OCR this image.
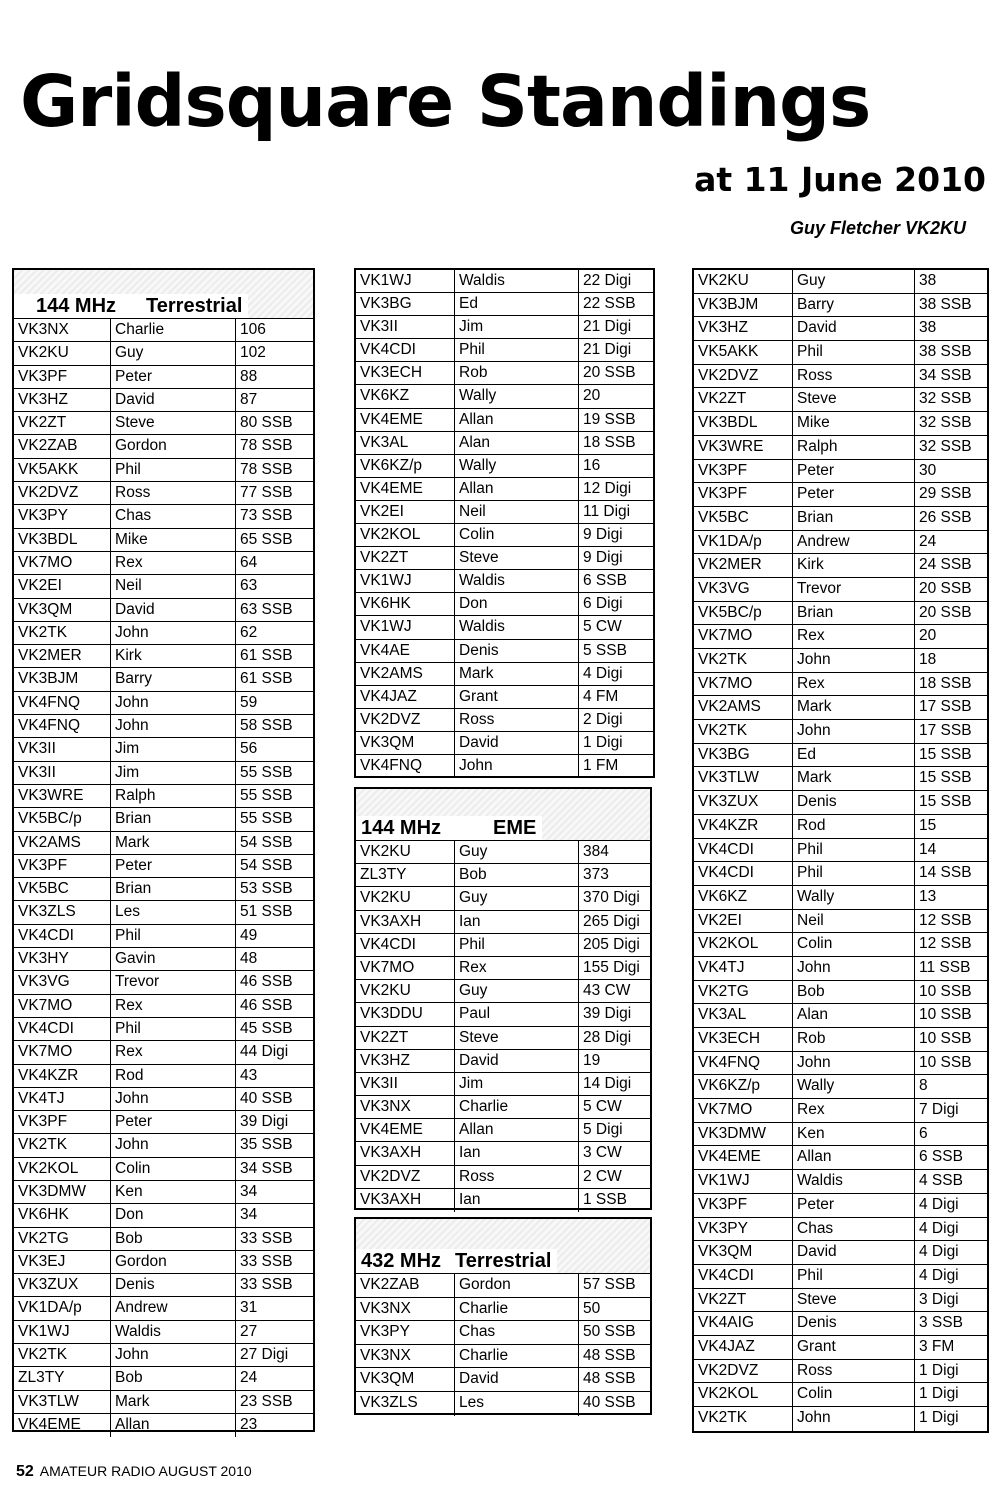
Gridsquare Standings
at 11 June 2010

Guy Fletcher VK2KU

144 MHz Terrestrial
VK3NX	Charlie	106
VK2KU	Guy	102
VK3PF	Peter	88
VK3HZ	David	87
VK2ZT	Steve	80 SSB
VK2ZAB	Gordon	78 SSB
VK5AKK	Phil	78 SSB
VK2DVZ	Ross	77 SSB
VK3PY	Chas	73 SSB
VK3BDL	Mike	65 SSB
VK7MO	Rex	64
VK2EI	Neil	63
VK3QM	David	63 SSB
VK2TK	John	62
VK2MER	Kirk	61 SSB
VK3BJM	Barry	61 SSB
VK4FNQ	John	59
VK4FNQ	John	58 SSB
VK3II	Jim	56
VK3II	Jim	55 SSB
VK3WRE	Ralph	55 SSB
VK5BC/p	Brian	55 SSB
VK2AMS	Mark	54 SSB
VK3PF	Peter	54 SSB
VK5BC	Brian	53 SSB
VK3ZLS	Les	51 SSB
VK4CDI	Phil	49
VK3HY	Gavin	48
VK3VG	Trevor	46 SSB
VK7MO	Rex	46 SSB
VK4CDI	Phil	45 SSB
VK7MO	Rex	44 Digi
VK4KZR	Rod	43
VK4TJ	John	40 SSB
VK3PF	Peter	39 Digi
VK2TK	John	35 SSB
VK2KOL	Colin	34 SSB
VK3DMW	Ken	34
VK6HK	Don	34
VK2TG	Bob	33 SSB
VK3EJ	Gordon	33 SSB
VK3ZUX	Denis	33 SSB
VK1DA/p	Andrew	31
VK1WJ	Waldis	27
VK2TK	John	27 Digi
ZL3TY	Bob	24
VK3TLW	Mark	23 SSB
VK4EME	Allan	23
VK1WJ	Waldis	22 Digi
VK3BG	Ed	22 SSB
VK3II	Jim	21 Digi
VK4CDI	Phil	21 Digi
VK3ECH	Rob	20 SSB
VK6KZ	Wally	20
VK4EME	Allan	19 SSB
VK3AL	Alan	18 SSB
VK6KZ/p	Wally	16
VK4EME	Allan	12 Digi
VK2EI	Neil	11 Digi
VK2KOL	Colin	9 Digi
VK2ZT	Steve	9 Digi
VK1WJ	Waldis	6 SSB
VK6HK	Don	6 Digi
VK1WJ	Waldis	5 CW
VK4AE	Denis	5 SSB
VK2AMS	Mark	4 Digi
VK4JAZ	Grant	4 FM
VK2DVZ	Ross	2 Digi
VK3QM	David	1 Digi
VK4FNQ	John	1 FM
144 MHz	EME
VK2KU	Guy	384
ZL3TY	Bob	373
VK2KU	Guy	370 Digi
VK3AXH	Ian	265 Digi
VK4CDI	Phil	205 Digi
VK7MO	Rex	155 Digi
VK2KU	Guy	43 CW
VK3DDU	Paul	39 Digi
VK2ZT	Steve	28 Digi
VK3HZ	David	19
VK3II	Jim	14 Digi
VK3NX	Charlie	5 CW
VK4EME	Allan	5 Digi
VK3AXH	Ian	3 CW
VK2DVZ	Ross	2 CW
VK3AXH	Ian	1 SSB
432 MHz Terrestrial
VK2ZAB	Gordon	57 SSB
VK3NX	Charlie	50
VK3PY	Chas	50 SSB
VK3NX	Charlie	48 SSB
VK3QM	David	48 SSB
VK3ZLS	Les	40 SSB
VK2KU	Guy	38
VK3BJM	Barry	38 SSB
VK3HZ	David	38
VK5AKK	Phil	38 SSB
VK2DVZ	Ross	34 SSB
VK2ZT	Steve	32 SSB
VK3BDL	Mike	32 SSB
VK3WRE	Ralph	32 SSB
VK3PF	Peter	30
VK3PF	Peter	29 SSB
VK5BC	Brian	26 SSB
VK1DA/p	Andrew	24
VK2MER	Kirk	24 SSB
VK3VG	Trevor	20 SSB
VK5BC/p	Brian	20 SSB
VK7MO	Rex	20
VK2TK	John	18
VK7MO	Rex	18 SSB
VK2AMS	Mark	17 SSB
VK2TK	John	17 SSB
VK3BG	Ed	15 SSB
VK3TLW	Mark	15 SSB
VK3ZUX	Denis	15 SSB
VK4KZR	Rod	15
VK4CDI	Phil	14
VK4CDI	Phil	14 SSB
VK6KZ	Wally	13
VK2EI	Neil	12 SSB
VK2KOL	Colin	12 SSB
VK4TJ	John	11 SSB
VK2TG	Bob	10 SSB
VK3AL	Alan	10 SSB
VK3ECH	Rob	10 SSB
VK4FNQ	John	10 SSB
VK6KZ/p	Wally	8
VK7MO	Rex	7 Digi
VK3DMW	Ken	6
VK4EME	Allan	6 SSB
VK1WJ	Waldis	4 SSB
VK3PF	Peter	4 Digi
VK3PY	Chas	4 Digi
VK3QM	David	4 Digi
VK4CDI	Phil	4 Digi
VK2ZT	Steve	3 Digi
VK4AIG	Denis	3 SSB
VK4JAZ	Grant	3 FM
VK2DVZ	Ross	1 Digi
VK2KOL	Colin	1 Digi
VK2TK	John	1 Digi

52 AMATEUR RADIO AUGUST 2010
